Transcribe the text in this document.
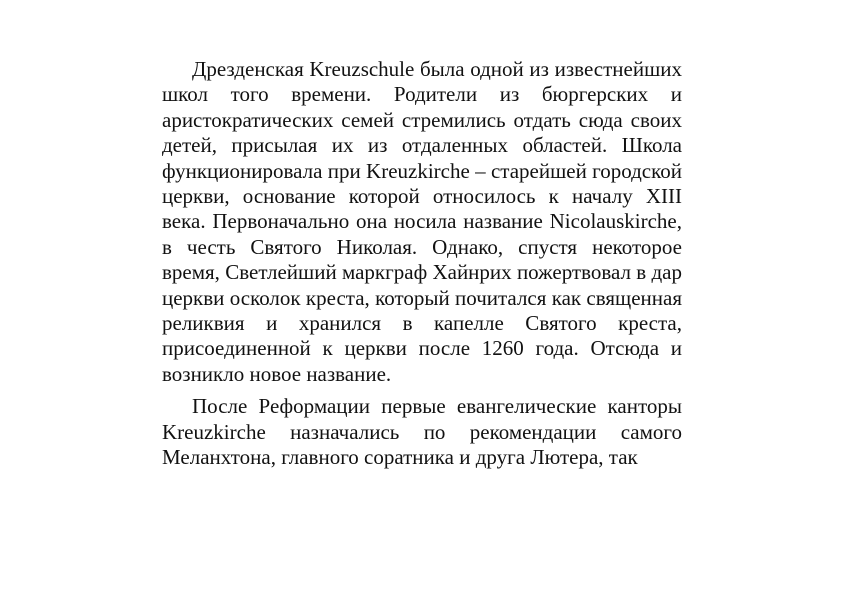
Дрезденская Kreuzschule была одной из известнейших школ того времени. Родители из бюргерских и аристократических семей стремились отдать сюда своих детей, присылая их из отдаленных областей. Школа функционировала при Kreuzkirche – старейшей городской церкви, основание которой относилось к началу XIII века. Первоначально она носила название Nicolauskirche, в честь Святого Николая. Однако, спустя некоторое время, Светлейший маркграф Хайнрих пожертвовал в дар церкви осколок креста, который почитался как священная реликвия и хранился в капелле Святого креста, присоединенной к церкви после 1260 года. Отсюда и возникло новое название.

После Реформации первые евангелические канторы Kreuzkirche назначались по рекомендации самого Меланхтона, главного соратника и друга Лютера, так
